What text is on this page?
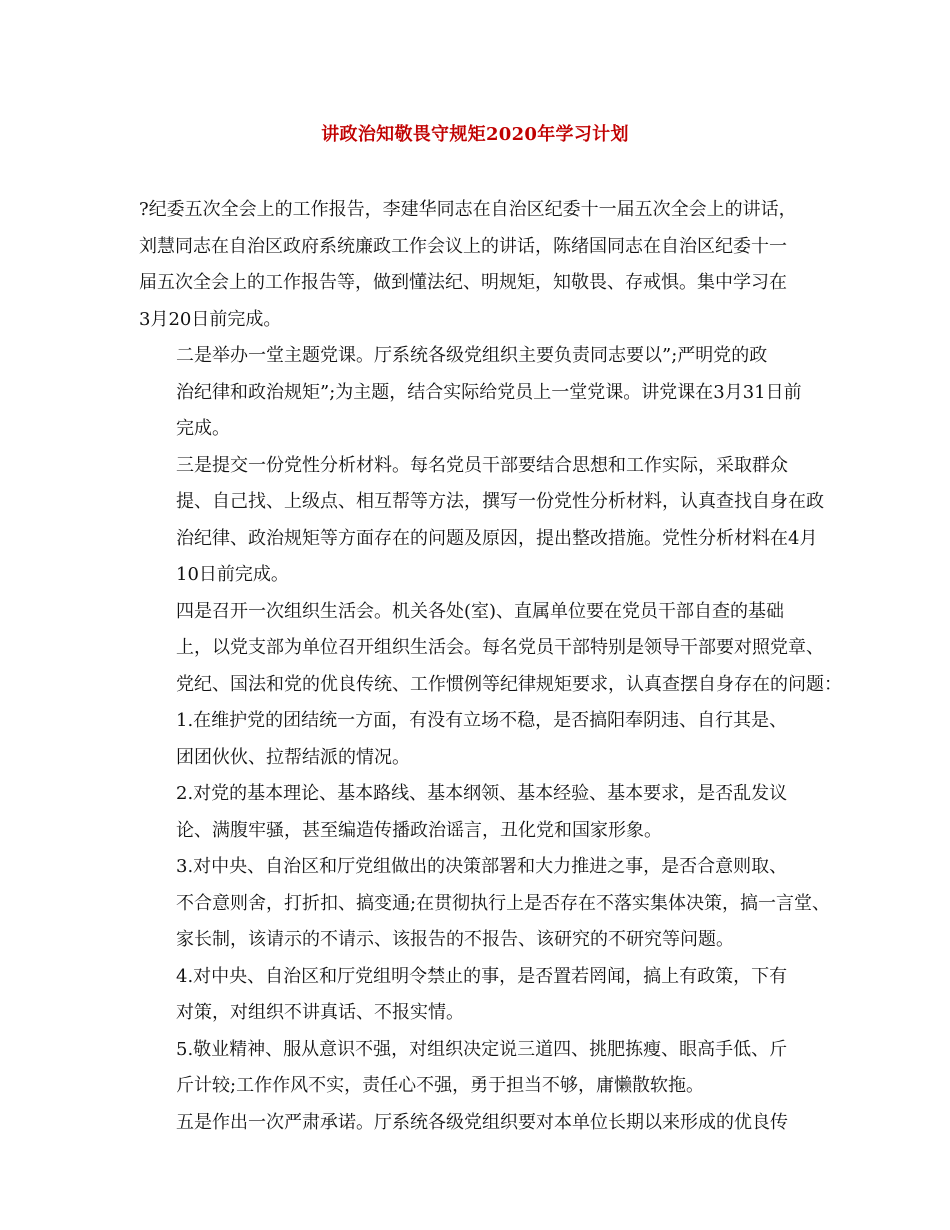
讲政治知敬畏守规矩2020年学习计划
?纪委五次全会上的工作报告，李建华同志在自治区纪委十一届五次全会上的讲话，
刘慧同志在自治区政府系统廉政工作会议上的讲话，陈绪国同志在自治区纪委十一
届五次全会上的工作报告等，做到懂法纪、明规矩，知敬畏、存戒惧。集中学习在
3月20日前完成。
二是举办一堂主题党课。厅系统各级党组织主要负责同志要以”;严明党的政
治纪律和政治规矩”;为主题，结合实际给党员上一堂党课。讲党课在3月31日前
完成。
三是提交一份党性分析材料。每名党员干部要结合思想和工作实际，采取群众
提、自己找、上级点、相互帮等方法，撰写一份党性分析材料，认真查找自身在政
治纪律、政治规矩等方面存在的问题及原因，提出整改措施。党性分析材料在4月
10日前完成。
四是召开一次组织生活会。机关各处(室)、直属单位要在党员干部自查的基础
上，以党支部为单位召开组织生活会。每名党员干部特别是领导干部要对照党章、
党纪、国法和党的优良传统、工作惯例等纪律规矩要求，认真查摆自身存在的问题：
1.在维护党的团结统一方面，有没有立场不稳，是否搞阳奉阴违、自行其是、
团团伙伙、拉帮结派的情况。
2.对党的基本理论、基本路线、基本纲领、基本经验、基本要求，是否乱发议
论、满腹牢骚，甚至编造传播政治谣言，丑化党和国家形象。
3.对中央、自治区和厅党组做出的决策部署和大力推进之事，是否合意则取、
不合意则舍，打折扣、搞变通;在贯彻执行上是否存在不落实集体决策，搞一言堂、
家长制，该请示的不请示、该报告的不报告、该研究的不研究等问题。
4.对中央、自治区和厅党组明令禁止的事，是否置若罔闻，搞上有政策，下有
对策，对组织不讲真话、不报实情。
5.敬业精神、服从意识不强，对组织决定说三道四、挑肥拣瘦、眼高手低、斤
斤计较;工作作风不实，责任心不强，勇于担当不够，庸懒散软拖。
五是作出一次严肃承诺。厅系统各级党组织要对本单位长期以来形成的优良传
